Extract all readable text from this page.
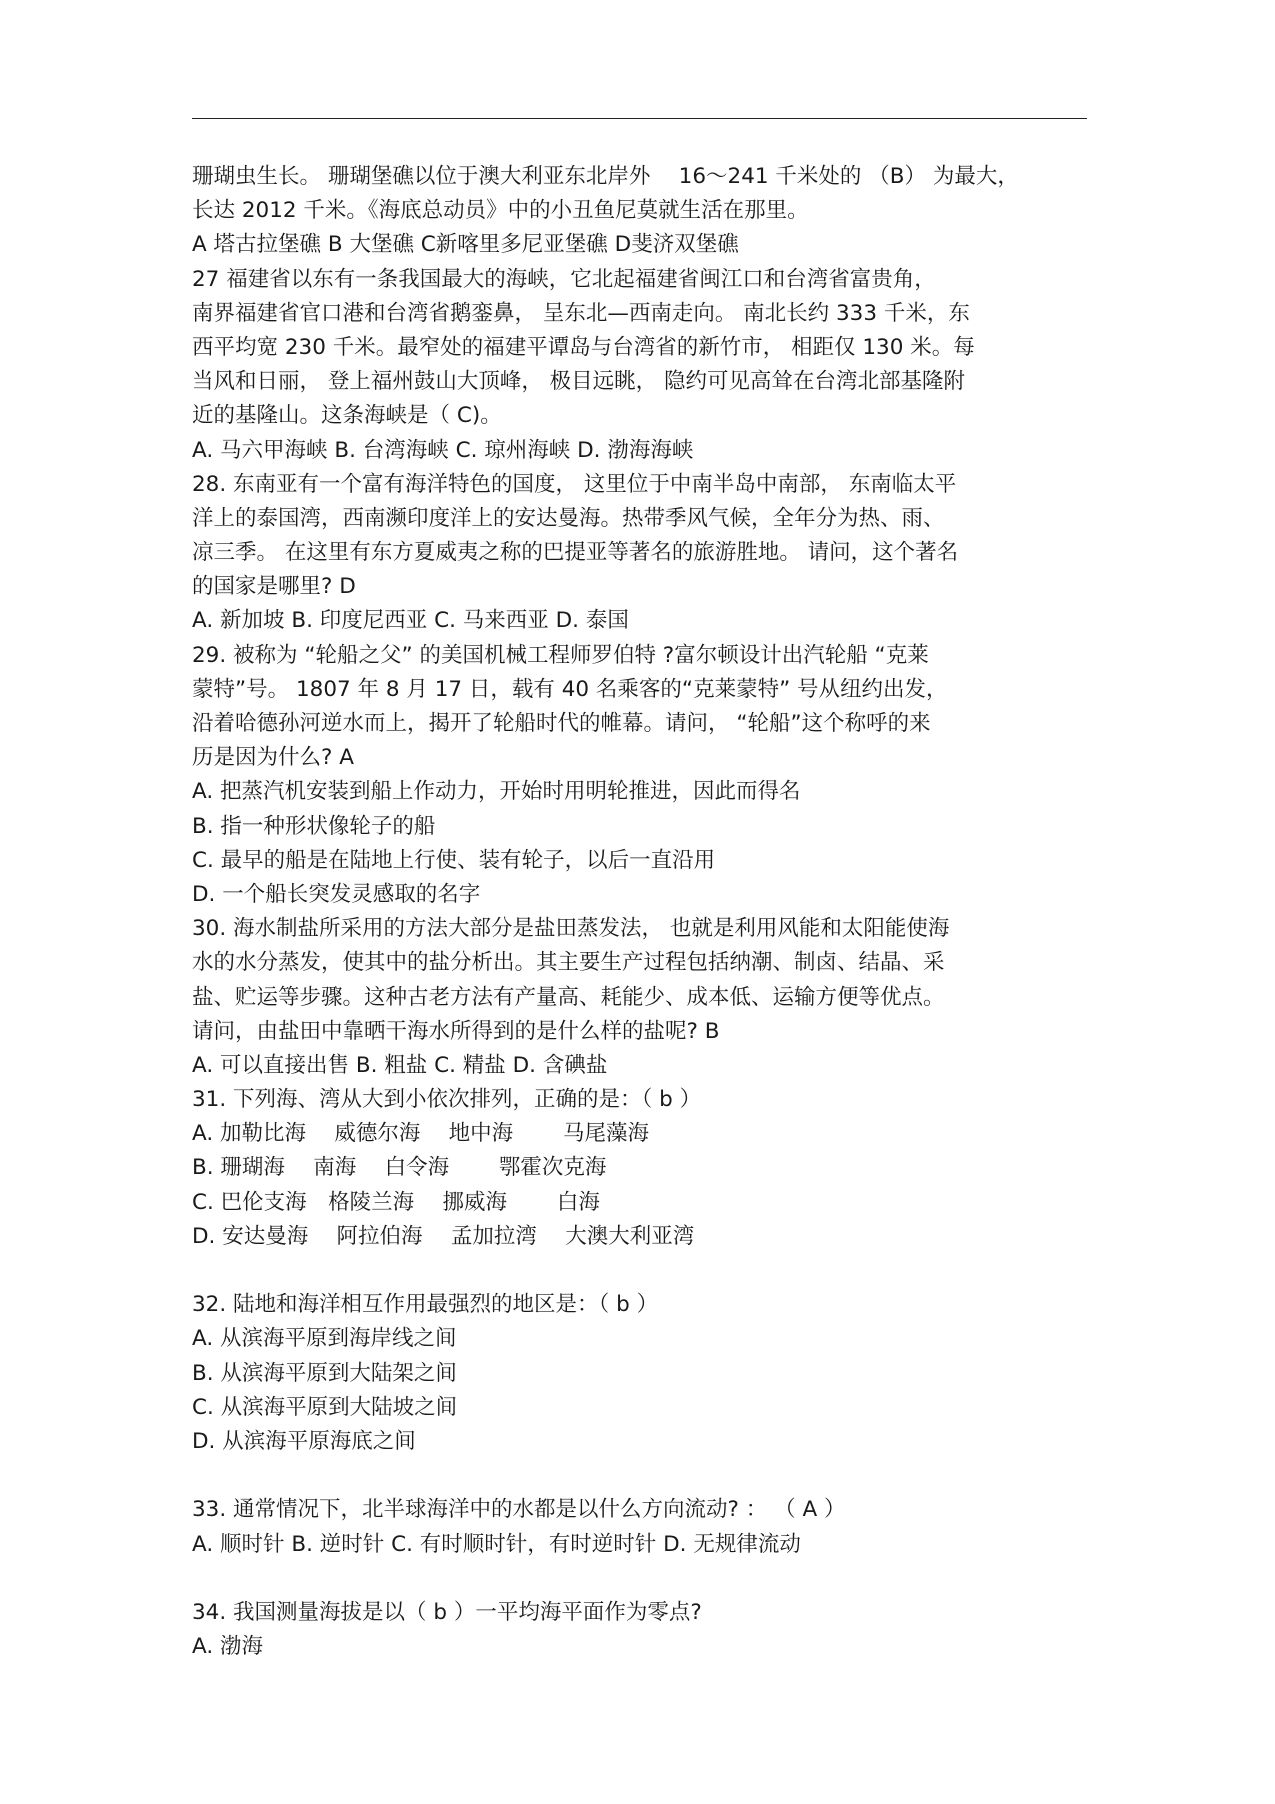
珊瑚虫生长。 珊瑚堡礁以位于澳大利亚东北岸外　 16～241 千米处的 （B） 为最大，
长达 2012 千米。《海底总动员》中的小丑鱼尼莫就生活在那里。
A 塔古拉堡礁 B 大堡礁 C新喀里多尼亚堡礁 D斐济双堡礁
27 福建省以东有一条我国最大的海峡，它北起福建省闽江口和台湾省富贵角，
南界福建省官口港和台湾省鹅銮鼻， 呈东北—西南走向。 南北长约 333 千米，东
西平均宽 230 千米。最窄处的福建平谭岛与台湾省的新竹市， 相距仅 130 米。每
当风和日丽， 登上福州鼓山大顶峰， 极目远眺， 隐约可见高耸在台湾北部基隆附
近的基隆山。这条海峡是（ C)。
A. 马六甲海峡 B. 台湾海峡 C. 琼州海峡 D. 渤海海峡
28. 东南亚有一个富有海洋特色的国度， 这里位于中南半岛中南部， 东南临太平
洋上的泰国湾，西南濒印度洋上的安达曼海。热带季风气候，全年分为热、雨、
凉三季。 在这里有东方夏威夷之称的巴提亚等著名的旅游胜地。 请问，这个著名
的国家是哪里? D
A. 新加坡 B. 印度尼西亚 C. 马来西亚 D. 泰国
29. 被称为 “轮船之父” 的美国机械工程师罗伯特 ?富尔顿设计出汽轮船 “克莱
蒙特”号。 1807 年 8 月 17 日，载有 40 名乘客的“克莱蒙特” 号从纽约出发，
沿着哈德孙河逆水而上，揭开了轮船时代的帷幕。请问， “轮船”这个称呼的来
历是因为什么? A
A. 把蒸汽机安装到船上作动力，开始时用明轮推进，因此而得名
B. 指一种形状像轮子的船
C. 最早的船是在陆地上行使、装有轮子，以后一直沿用
D. 一个船长突发灵感取的名字
30. 海水制盐所采用的方法大部分是盐田蒸发法， 也就是利用风能和太阳能使海
水的水分蒸发，使其中的盐分析出。其主要生产过程包括纳潮、制卤、结晶、采
盐、贮运等步骤。这种古老方法有产量高、耗能少、成本低、运输方便等优点。
请问，由盐田中靠晒干海水所得到的是什么样的盐呢? B
A. 可以直接出售 B. 粗盐 C. 精盐 D. 含碘盐
31. 下列海、湾从大到小依次排列，正确的是：（ b ）
A. 加勒比海　 威德尔海　 地中海　 　马尾藻海
B. 珊瑚海　 南海　 白令海　　 鄂霍次克海
C. 巴伦支海　格陵兰海　 挪威海　　 白海
D. 安达曼海　 阿拉伯海　 孟加拉湾　 大澳大利亚湾
32. 陆地和海洋相互作用最强烈的地区是：（ b ）
A. 从滨海平原到海岸线之间
B. 从滨海平原到大陆架之间
C. 从滨海平原到大陆坡之间
D. 从滨海平原海底之间
33. 通常情况下，北半球海洋中的水都是以什么方向流动? ： （ A ）
A. 顺时针 B. 逆时针 C. 有时顺时针，有时逆时针 D. 无规律流动
34. 我国测量海拔是以（ b ）一平均海平面作为零点?
A. 渤海
